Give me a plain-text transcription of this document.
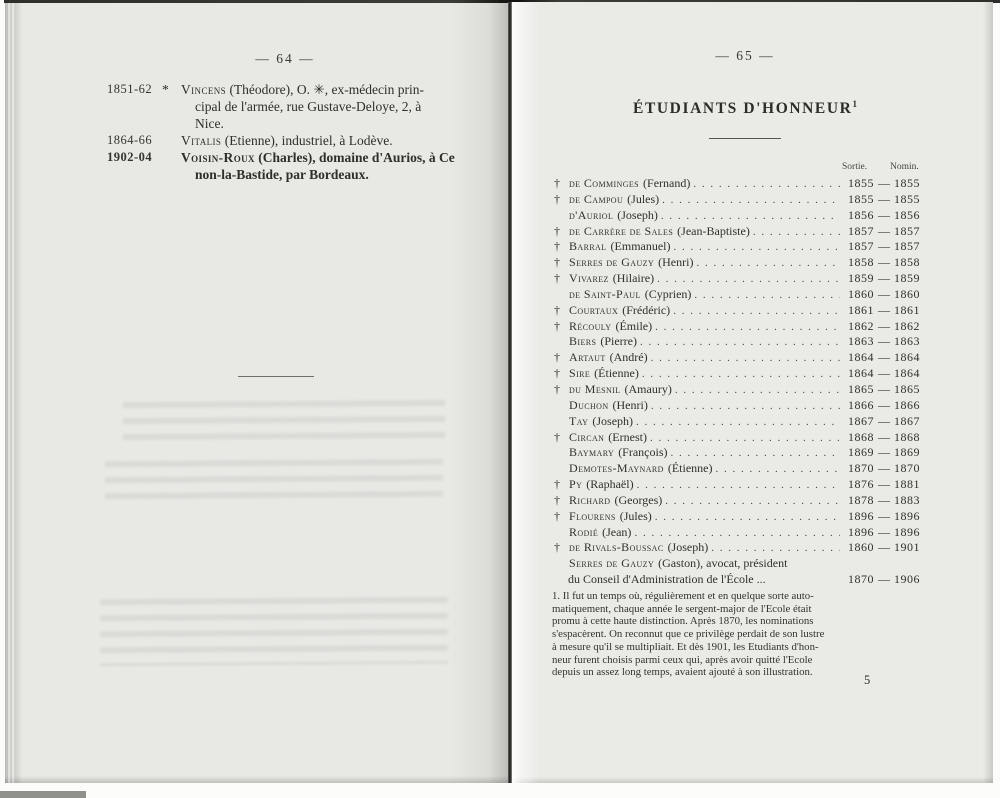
— 64 —
1851-62 * Vincens (Théodore), O. ✳, ex-médecin prin-
cipal de l'armée, rue Gustave-Deloye, 2, à
Nice.
1864-66 Vitalis (Etienne), industriel, à Lodève.
1902-04 Voisin-Roux (Charles), domaine d'Aurios, à Ce
non-la-Bastide, par Bordeaux.
— 65 —
ÉTUDIANTS D'HONNEUR$^1$
Sortie. Nomin.
† de Comminges (Fernand) . . .	1855 — 1855
† de Campou (Jules) . . .	1855 — 1855
d'Auriol (Joseph) . . .	1856 — 1856
† de Carrère de Sales (Jean-Baptiste) . . .	1857 — 1857
† Barral (Emmanuel) . . .	1857 — 1857
† Serres de Gauzy (Henri) . . .	1858 — 1858
† Vivarez (Hilaire) . . .	1859 — 1859
de Saint-Paul (Cyprien) . . .	1860 — 1860
† Courtaux (Frédéric) . . .	1861 — 1861
† Récouly (Émile) . . .	1862 — 1862
Biers (Pierre) . . .	1863 — 1863
† Artaut (André) . . .	1864 — 1864
† Sire (Étienne) . . .	1864 — 1864
† du Mesnil (Amaury) . . .	1865 — 1865
Duchon (Henri) . . .	1866 — 1866
Tay (Joseph) . . .	1867 — 1867
† Circan (Ernest) . . .	1868 — 1868
Baymary (François) . . .	1869 — 1869
Demotes-Maynard (Étienne) . . .	1870 — 1870
† Py (Raphaël) . . .	1876 — 1881
† Richard (Georges) . . .	1878 — 1883
† Flourens (Jules) . . .	1896 — 1896
Rodié (Jean) . . .	1896 — 1896
† de Rivals-Boussac (Joseph) . . .	1860 — 1901
Serres de Gauzy (Gaston), avocat, président
du Conseil d'Administration de l'École ...	1870 — 1906
1. Il fut un temps où, régulièrement et en quelque sorte auto-
matiquement, chaque année le sergent-major de l'Ecole était
promu à cette haute distinction. Après 1870, les nominations
s'espacèrent. On reconnut que ce privilège perdait de son lustre
à mesure qu'il se multipliait. Et dès 1901, les Etudiants d'hon-
neur furent choisis parmi ceux qui, après avoir quitté l'Ecole
depuis un assez long temps, avaient ajouté à son illustration.
5
